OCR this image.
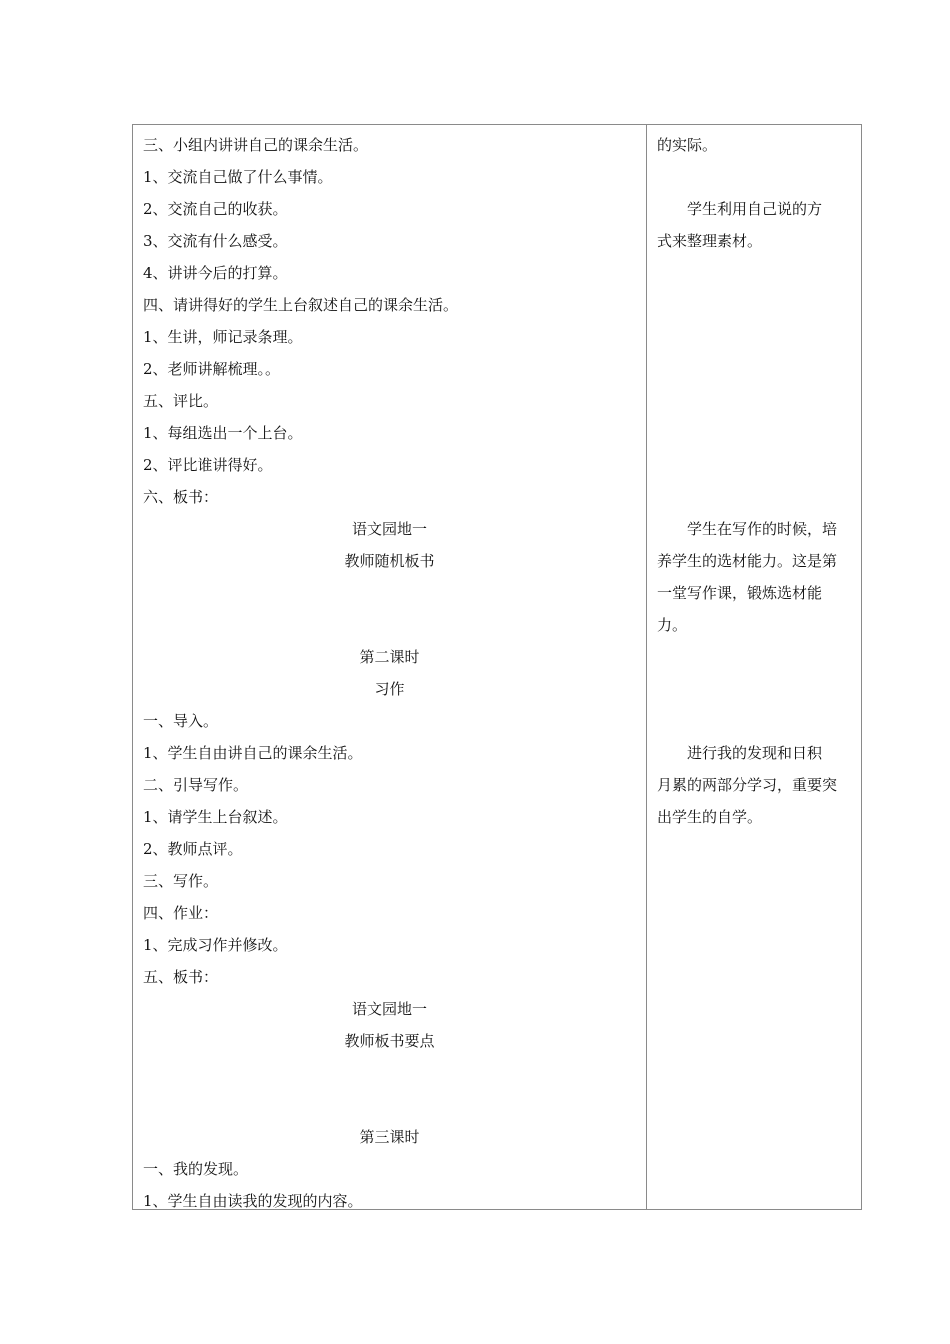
三、小组内讲讲自己的课余生活。
1、交流自己做了什么事情。
2、交流自己的收获。
3、交流有什么感受。
4、讲讲今后的打算。
四、请讲得好的学生上台叙述自己的课余生活。
1、生讲，师记录条理。
2、老师讲解梳理。。
五、评比。
1、每组选出一个上台。
2、评比谁讲得好。
六、板书：
语文园地一
教师随机板书
第二课时
习作
一、导入。
1、学生自由讲自己的课余生活。
二、引导写作。
1、请学生上台叙述。
2、教师点评。
三、写作。
四、作业：
1、完成习作并修改。
五、板书：
语文园地一
教师板书要点
第三课时
一、我的发现。
1、学生自由读我的发现的内容。
的实际。
学生利用自己说的方
式来整理素材。
学生在写作的时候，培
养学生的选材能力。这是第
一堂写作课，锻炼选材能
力。
进行我的发现和日积
月累的两部分学习，重要突
出学生的自学。
